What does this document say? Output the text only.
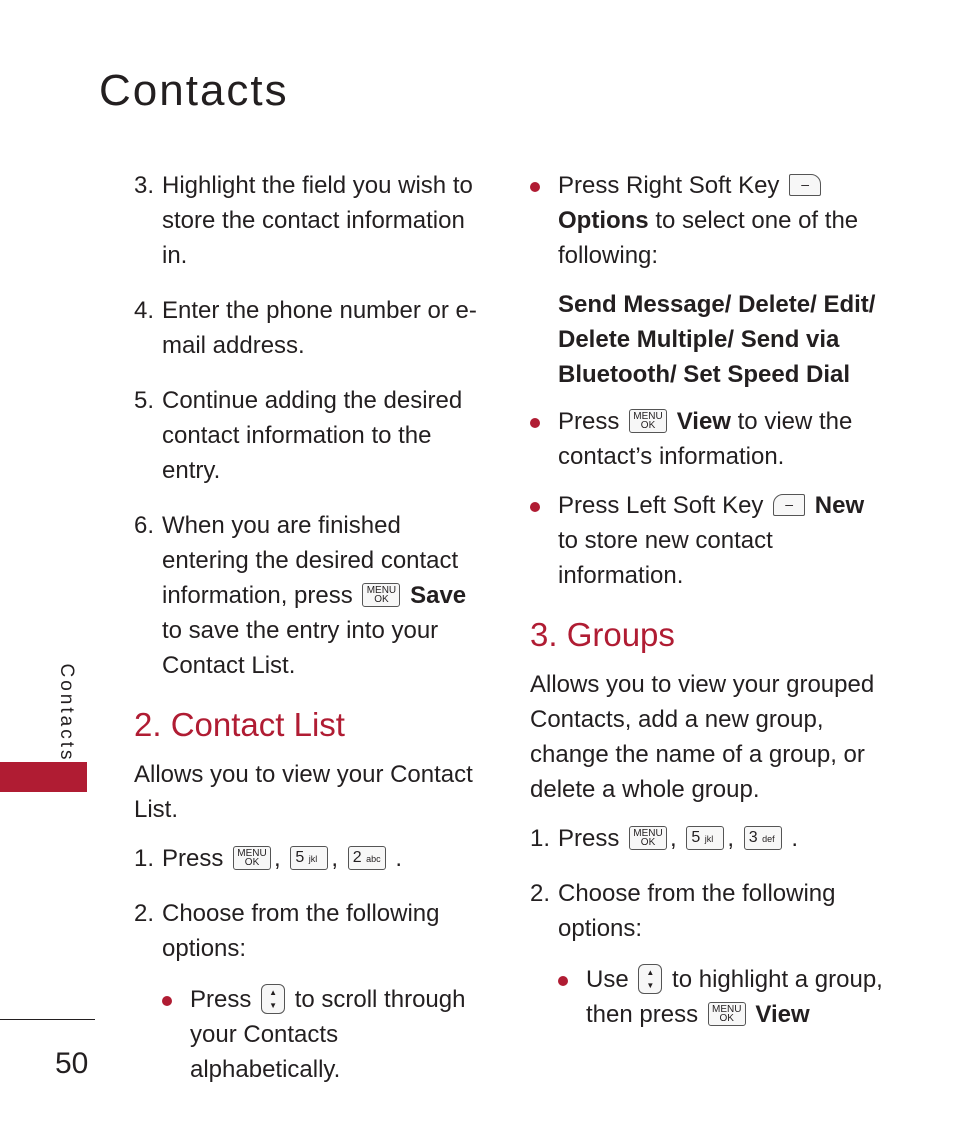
Contacts
3. Highlight the field you wish to store the contact information in.
4. Enter the phone number or e-mail address.
5. Continue adding the desired contact information to the entry.
6. When you are finished entering the desired contact information, press MENU
OK Save to save the entry into your Contact List.
2. Contact List

Allows you to view your Contact List.

1. Press MENU
OK , 5 jkl , 2 abc .
2. Choose from the following options:
Press ▲
▼ to scroll through your Contacts alphabetically.
Press Right Soft Key – Options to select one of the following:
Send Message/ Delete/ Edit/ Delete Multiple/ Send via Bluetooth/ Set Speed Dial
Press MENU
OK View to view the contact’s information.
Press Left Soft Key – New to store new contact information.
3. Groups

Allows you to view your grouped Contacts, add a new group, change the name of a group, or delete a whole group.

1. Press MENU
OK , 5 jkl , 3 def .
2. Choose from the following options:
Use ▲
▼ to highlight a group, then press MENU
OK View
Contacts
50
